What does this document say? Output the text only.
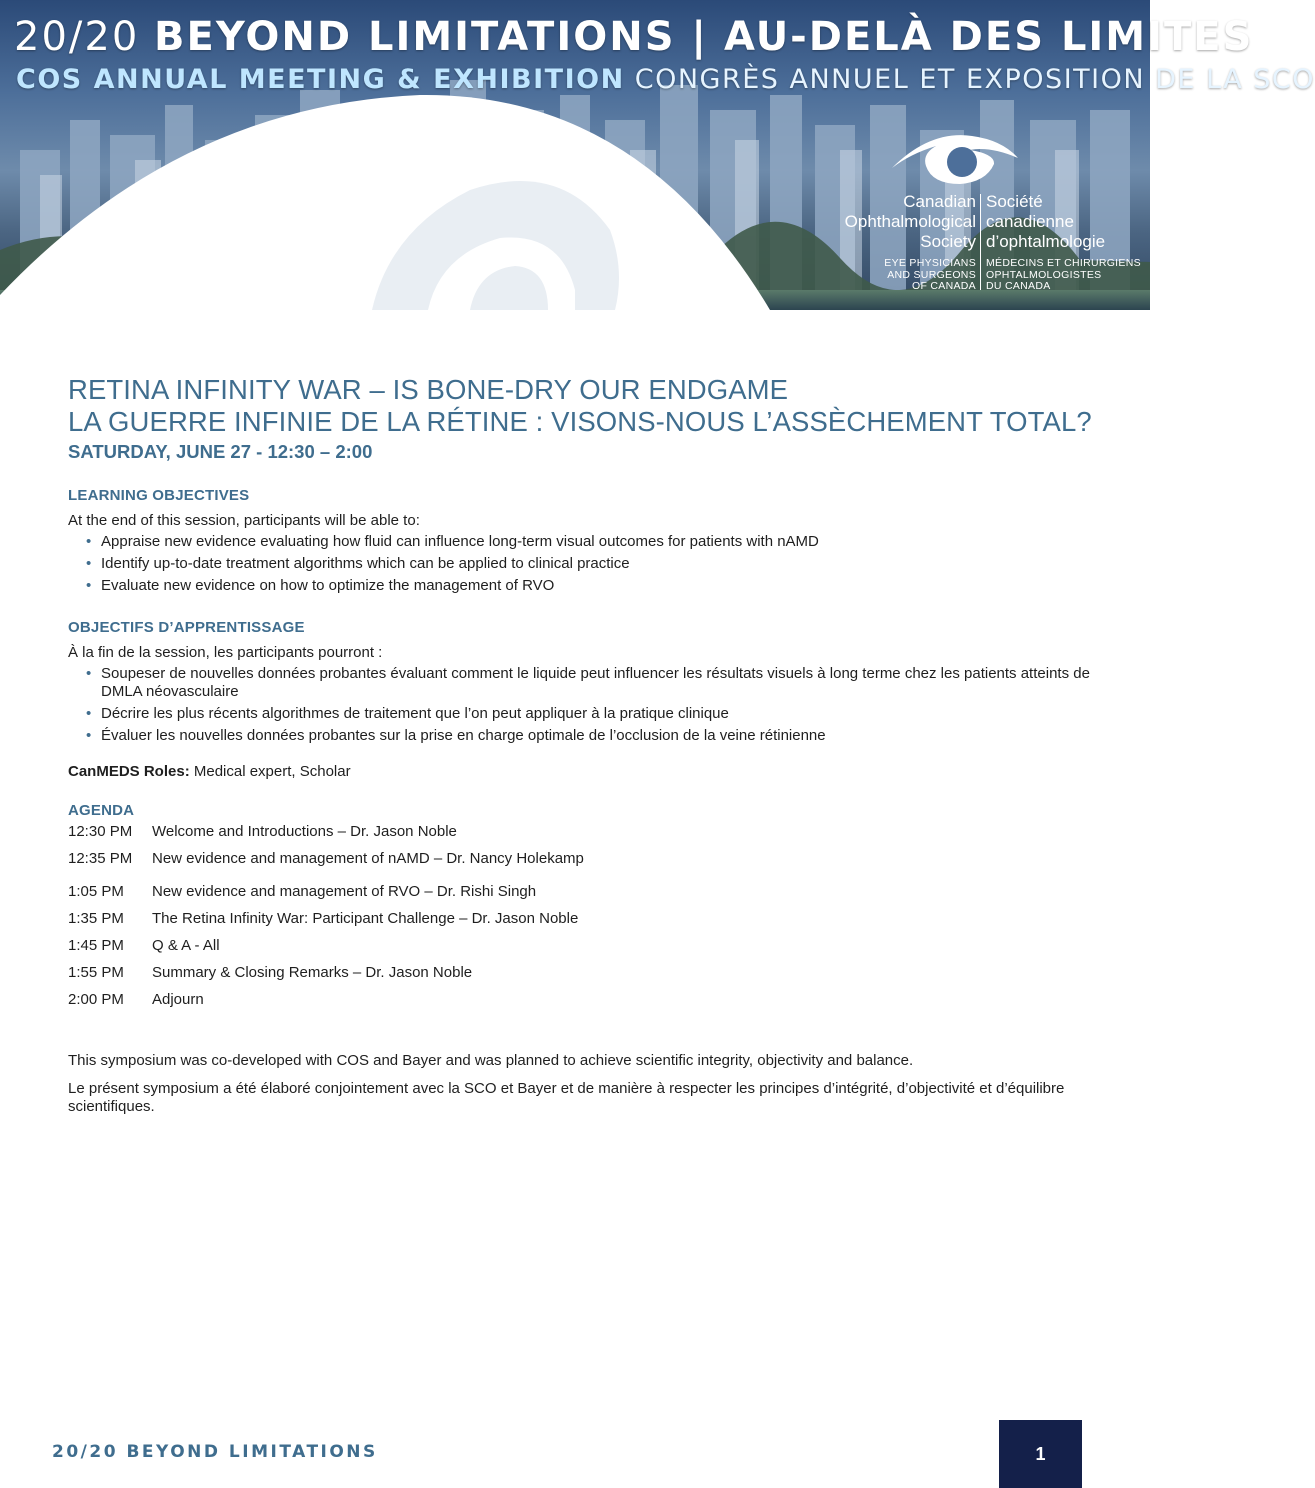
20/20 BEYOND LIMITATIONS | AU-DELÀ DES LIMITES
COS ANNUAL MEETING & EXHIBITION CONGRÈS ANNUEL ET EXPOSITION DE LA SCO
Canadian
Ophthalmological
Society
Société
canadienne
d’ophtalmologie
EYE PHYSICIANS
AND SURGEONS
OF CANADA
MÉDECINS ET CHIRURGIENS
OPHTALMOLOGISTES
DU CANADA
RETINA INFINITY WAR – IS BONE-DRY OUR ENDGAME
LA GUERRE INFINIE DE LA RÉTINE : VISONS-NOUS L’ASSÈCHEMENT TOTAL?
SATURDAY, JUNE 27 - 12:30 – 2:00
LEARNING OBJECTIVES
At the end of this session, participants will be able to:
• Appraise new evidence evaluating how fluid can influence long-term visual outcomes for patients with nAMD
• Identify up-to-date treatment algorithms which can be applied to clinical practice
• Evaluate new evidence on how to optimize the management of RVO
OBJECTIFS D’APPRENTISSAGE
À la fin de la session, les participants pourront :
• Soupeser de nouvelles données probantes évaluant comment le liquide peut influencer les résultats visuels à long terme chez les patients atteints de DMLA néovasculaire
• Décrire les plus récents algorithmes de traitement que l’on peut appliquer à la pratique clinique
• Évaluer les nouvelles données probantes sur la prise en charge optimale de l’occlusion de la veine rétinienne
CanMEDS Roles: Medical expert, Scholar
AGENDA
12:30 PM	Welcome and Introductions – Dr. Jason Noble
12:35 PM	New evidence and management of nAMD – Dr. Nancy Holekamp
1:05 PM	New evidence and management of RVO – Dr. Rishi Singh
1:35 PM	The Retina Infinity War: Participant Challenge – Dr. Jason Noble
1:45 PM	Q & A - All
1:55 PM	Summary & Closing Remarks – Dr. Jason Noble
2:00 PM	Adjourn
This symposium was co-developed with COS and Bayer and was planned to achieve scientific integrity, objectivity and balance.
Le présent symposium a été élaboré conjointement avec la SCO et Bayer et de manière à respecter les principes d’intégrité, d’objectivité et d’équilibre scientifiques.
20/20 BEYOND LIMITATIONS	1
